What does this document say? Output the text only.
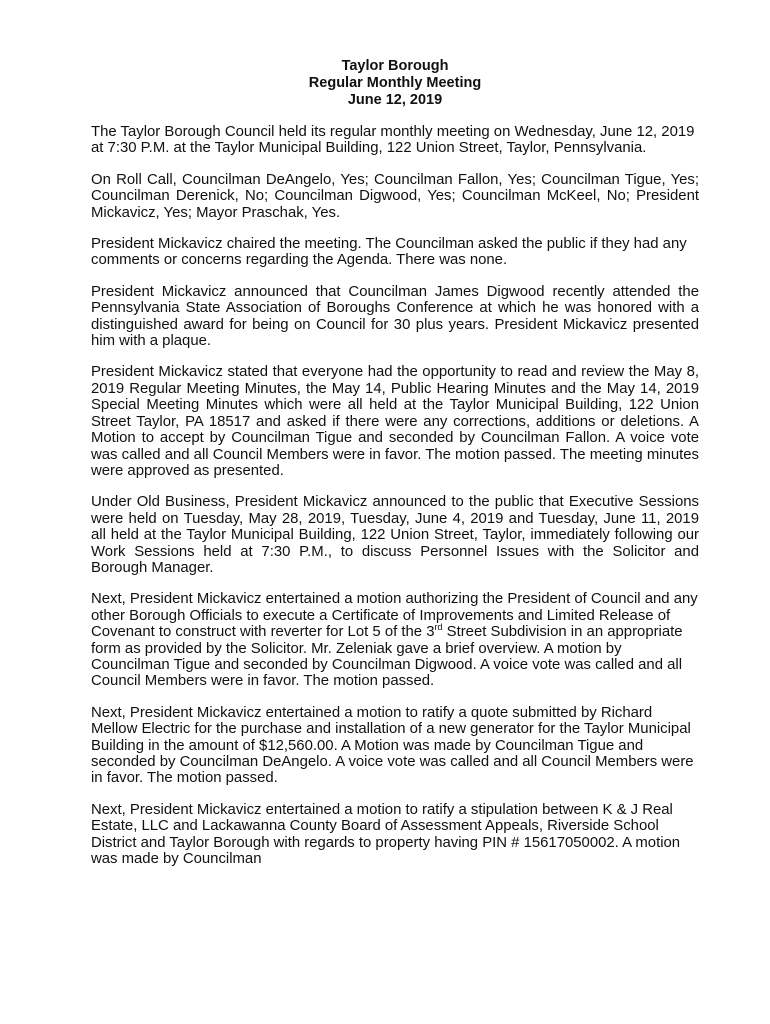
Taylor Borough
Regular Monthly Meeting
June 12, 2019

The Taylor Borough Council held its regular monthly meeting on Wednesday, June 12, 2019 at 7:30 P.M. at the Taylor Municipal Building, 122 Union Street, Taylor, Pennsylvania.

On Roll Call, Councilman DeAngelo, Yes; Councilman Fallon, Yes; Councilman Tigue, Yes; Councilman Derenick, No; Councilman Digwood, Yes; Councilman McKeel, No; President Mickavicz, Yes; Mayor Praschak, Yes.

President Mickavicz chaired the meeting. The Councilman asked the public if they had any comments or concerns regarding the Agenda. There was none.

President Mickavicz announced that Councilman James Digwood recently attended the Pennsylvania State Association of Boroughs Conference at which he was honored with a distinguished award for being on Council for 30 plus years. President Mickavicz presented him with a plaque.

President Mickavicz stated that everyone had the opportunity to read and review the May 8, 2019 Regular Meeting Minutes, the May 14, Public Hearing Minutes and the May 14, 2019 Special Meeting Minutes which were all held at the Taylor Municipal Building, 122 Union Street Taylor, PA 18517 and asked if there were any corrections, additions or deletions. A Motion to accept by Councilman Tigue and seconded by Councilman Fallon. A voice vote was called and all Council Members were in favor. The motion passed. The meeting minutes were approved as presented.

Under Old Business, President Mickavicz announced to the public that Executive Sessions were held on Tuesday, May 28, 2019, Tuesday, June 4, 2019 and Tuesday, June 11, 2019 all held at the Taylor Municipal Building, 122 Union Street, Taylor, immediately following our Work Sessions held at 7:30 P.M., to discuss Personnel Issues with the Solicitor and Borough Manager.

Next, President Mickavicz entertained a motion authorizing the President of Council and any other Borough Officials to execute a Certificate of Improvements and Limited Release of Covenant to construct with reverter for Lot 5 of the 3rd Street Subdivision in an appropriate form as provided by the Solicitor. Mr. Zeleniak gave a brief overview. A motion by Councilman Tigue and seconded by Councilman Digwood. A voice vote was called and all Council Members were in favor. The motion passed.

Next, President Mickavicz entertained a motion to ratify a quote submitted by Richard Mellow Electric for the purchase and installation of a new generator for the Taylor Municipal Building in the amount of $12,560.00. A Motion was made by Councilman Tigue and seconded by Councilman DeAngelo. A voice vote was called and all Council Members were in favor. The motion passed.

Next, President Mickavicz entertained a motion to ratify a stipulation between K & J Real Estate, LLC and Lackawanna County Board of Assessment Appeals, Riverside School District and Taylor Borough with regards to property having PIN # 15617050002. A motion was made by Councilman
